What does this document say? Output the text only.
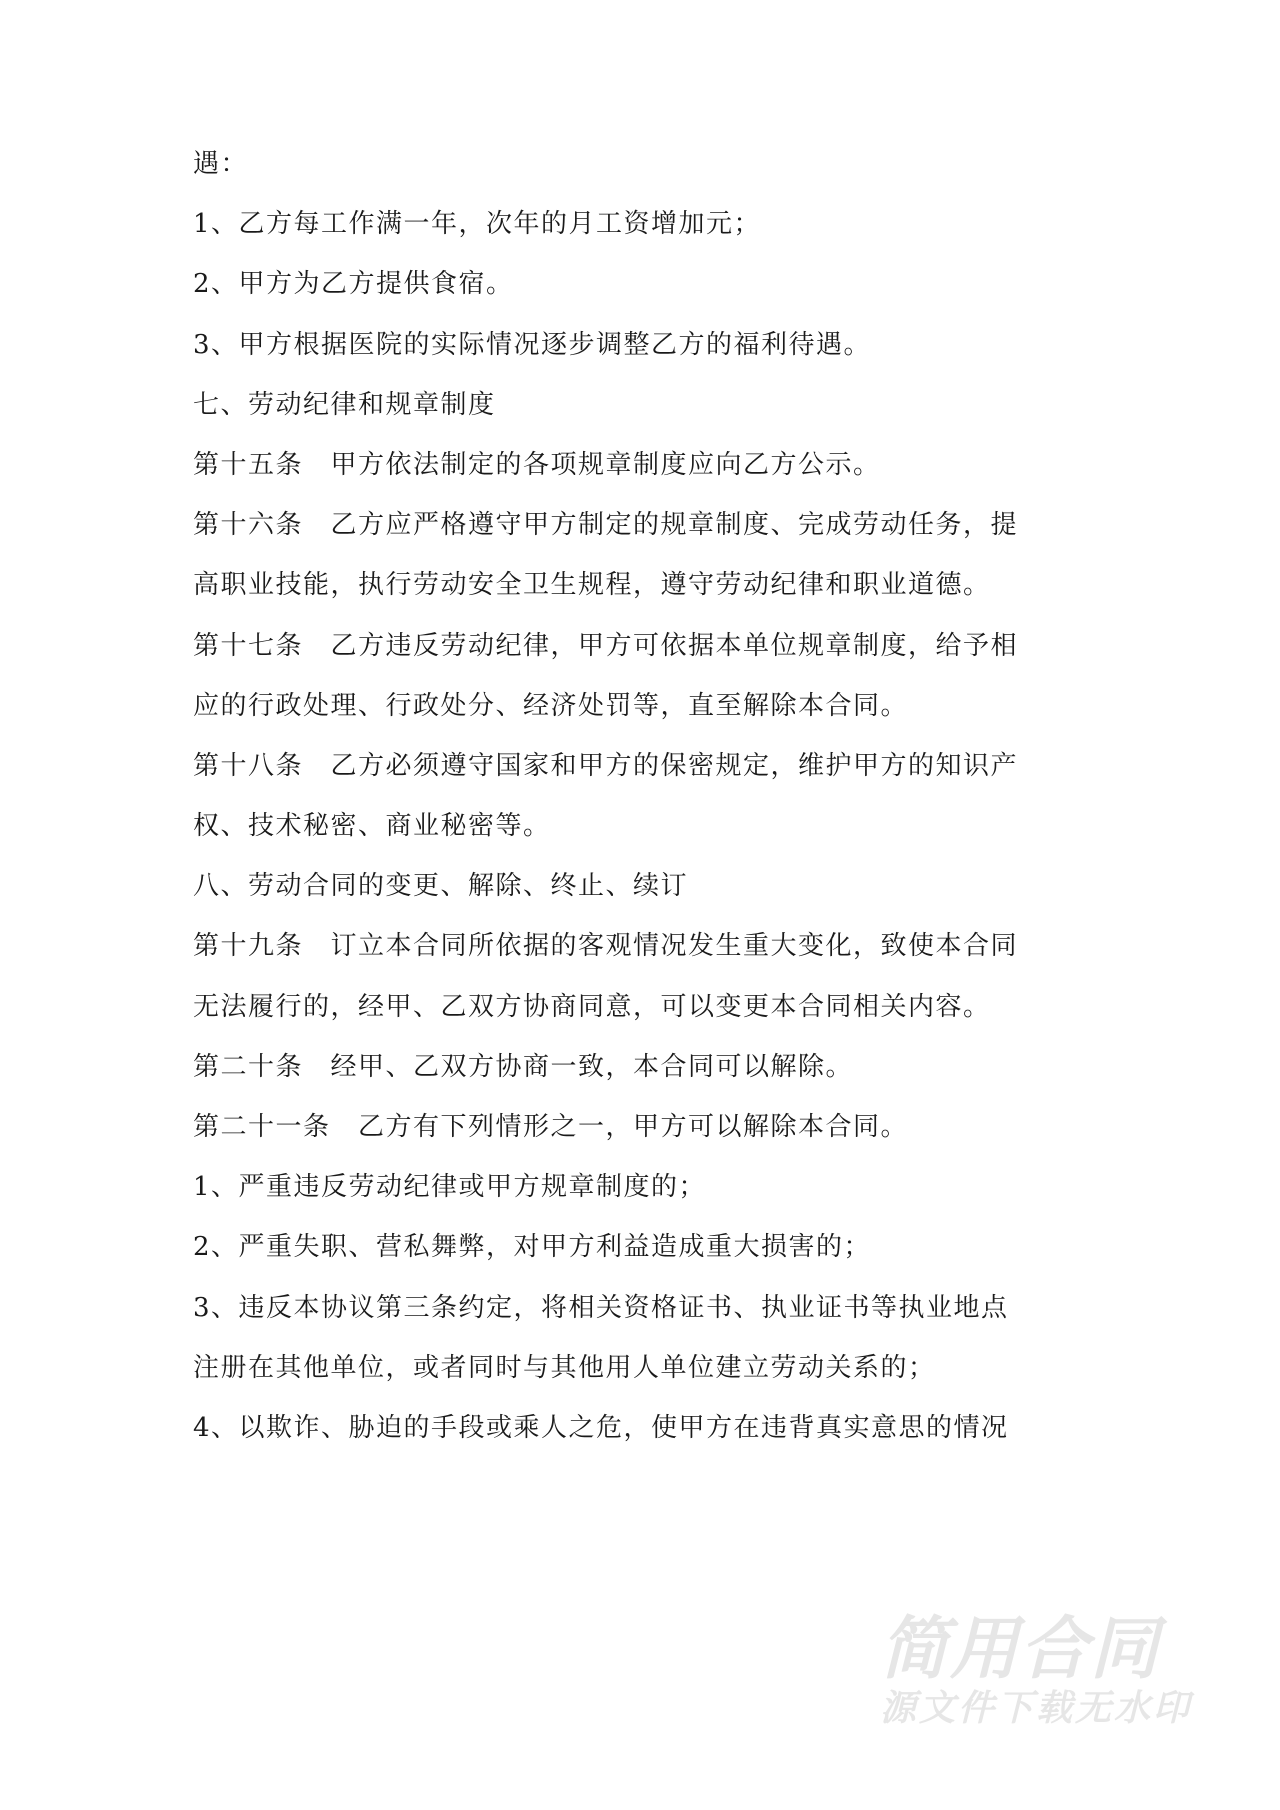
遇：
1、乙方每工作满一年，次年的月工资增加元；
2、甲方为乙方提供食宿。
3、甲方根据医院的实际情况逐步调整乙方的福利待遇。
七、劳动纪律和规章制度
第十五条　甲方依法制定的各项规章制度应向乙方公示。
第十六条　乙方应严格遵守甲方制定的规章制度、完成劳动任务，提
高职业技能，执行劳动安全卫生规程，遵守劳动纪律和职业道德。
第十七条　乙方违反劳动纪律，甲方可依据本单位规章制度，给予相
应的行政处理、行政处分、经济处罚等，直至解除本合同。
第十八条　乙方必须遵守国家和甲方的保密规定，维护甲方的知识产
权、技术秘密、商业秘密等。
八、劳动合同的变更、解除、终止、续订
第十九条　订立本合同所依据的客观情况发生重大变化，致使本合同
无法履行的，经甲、乙双方协商同意，可以变更本合同相关内容。
第二十条　经甲、乙双方协商一致，本合同可以解除。
第二十一条　乙方有下列情形之一，甲方可以解除本合同。
1、严重违反劳动纪律或甲方规章制度的；
2、严重失职、营私舞弊，对甲方利益造成重大损害的；
3、违反本协议第三条约定，将相关资格证书、执业证书等执业地点
注册在其他单位，或者同时与其他用人单位建立劳动关系的；
4、以欺诈、胁迫的手段或乘人之危，使甲方在违背真实意思的情况
简用合同
源文件下载无水印
